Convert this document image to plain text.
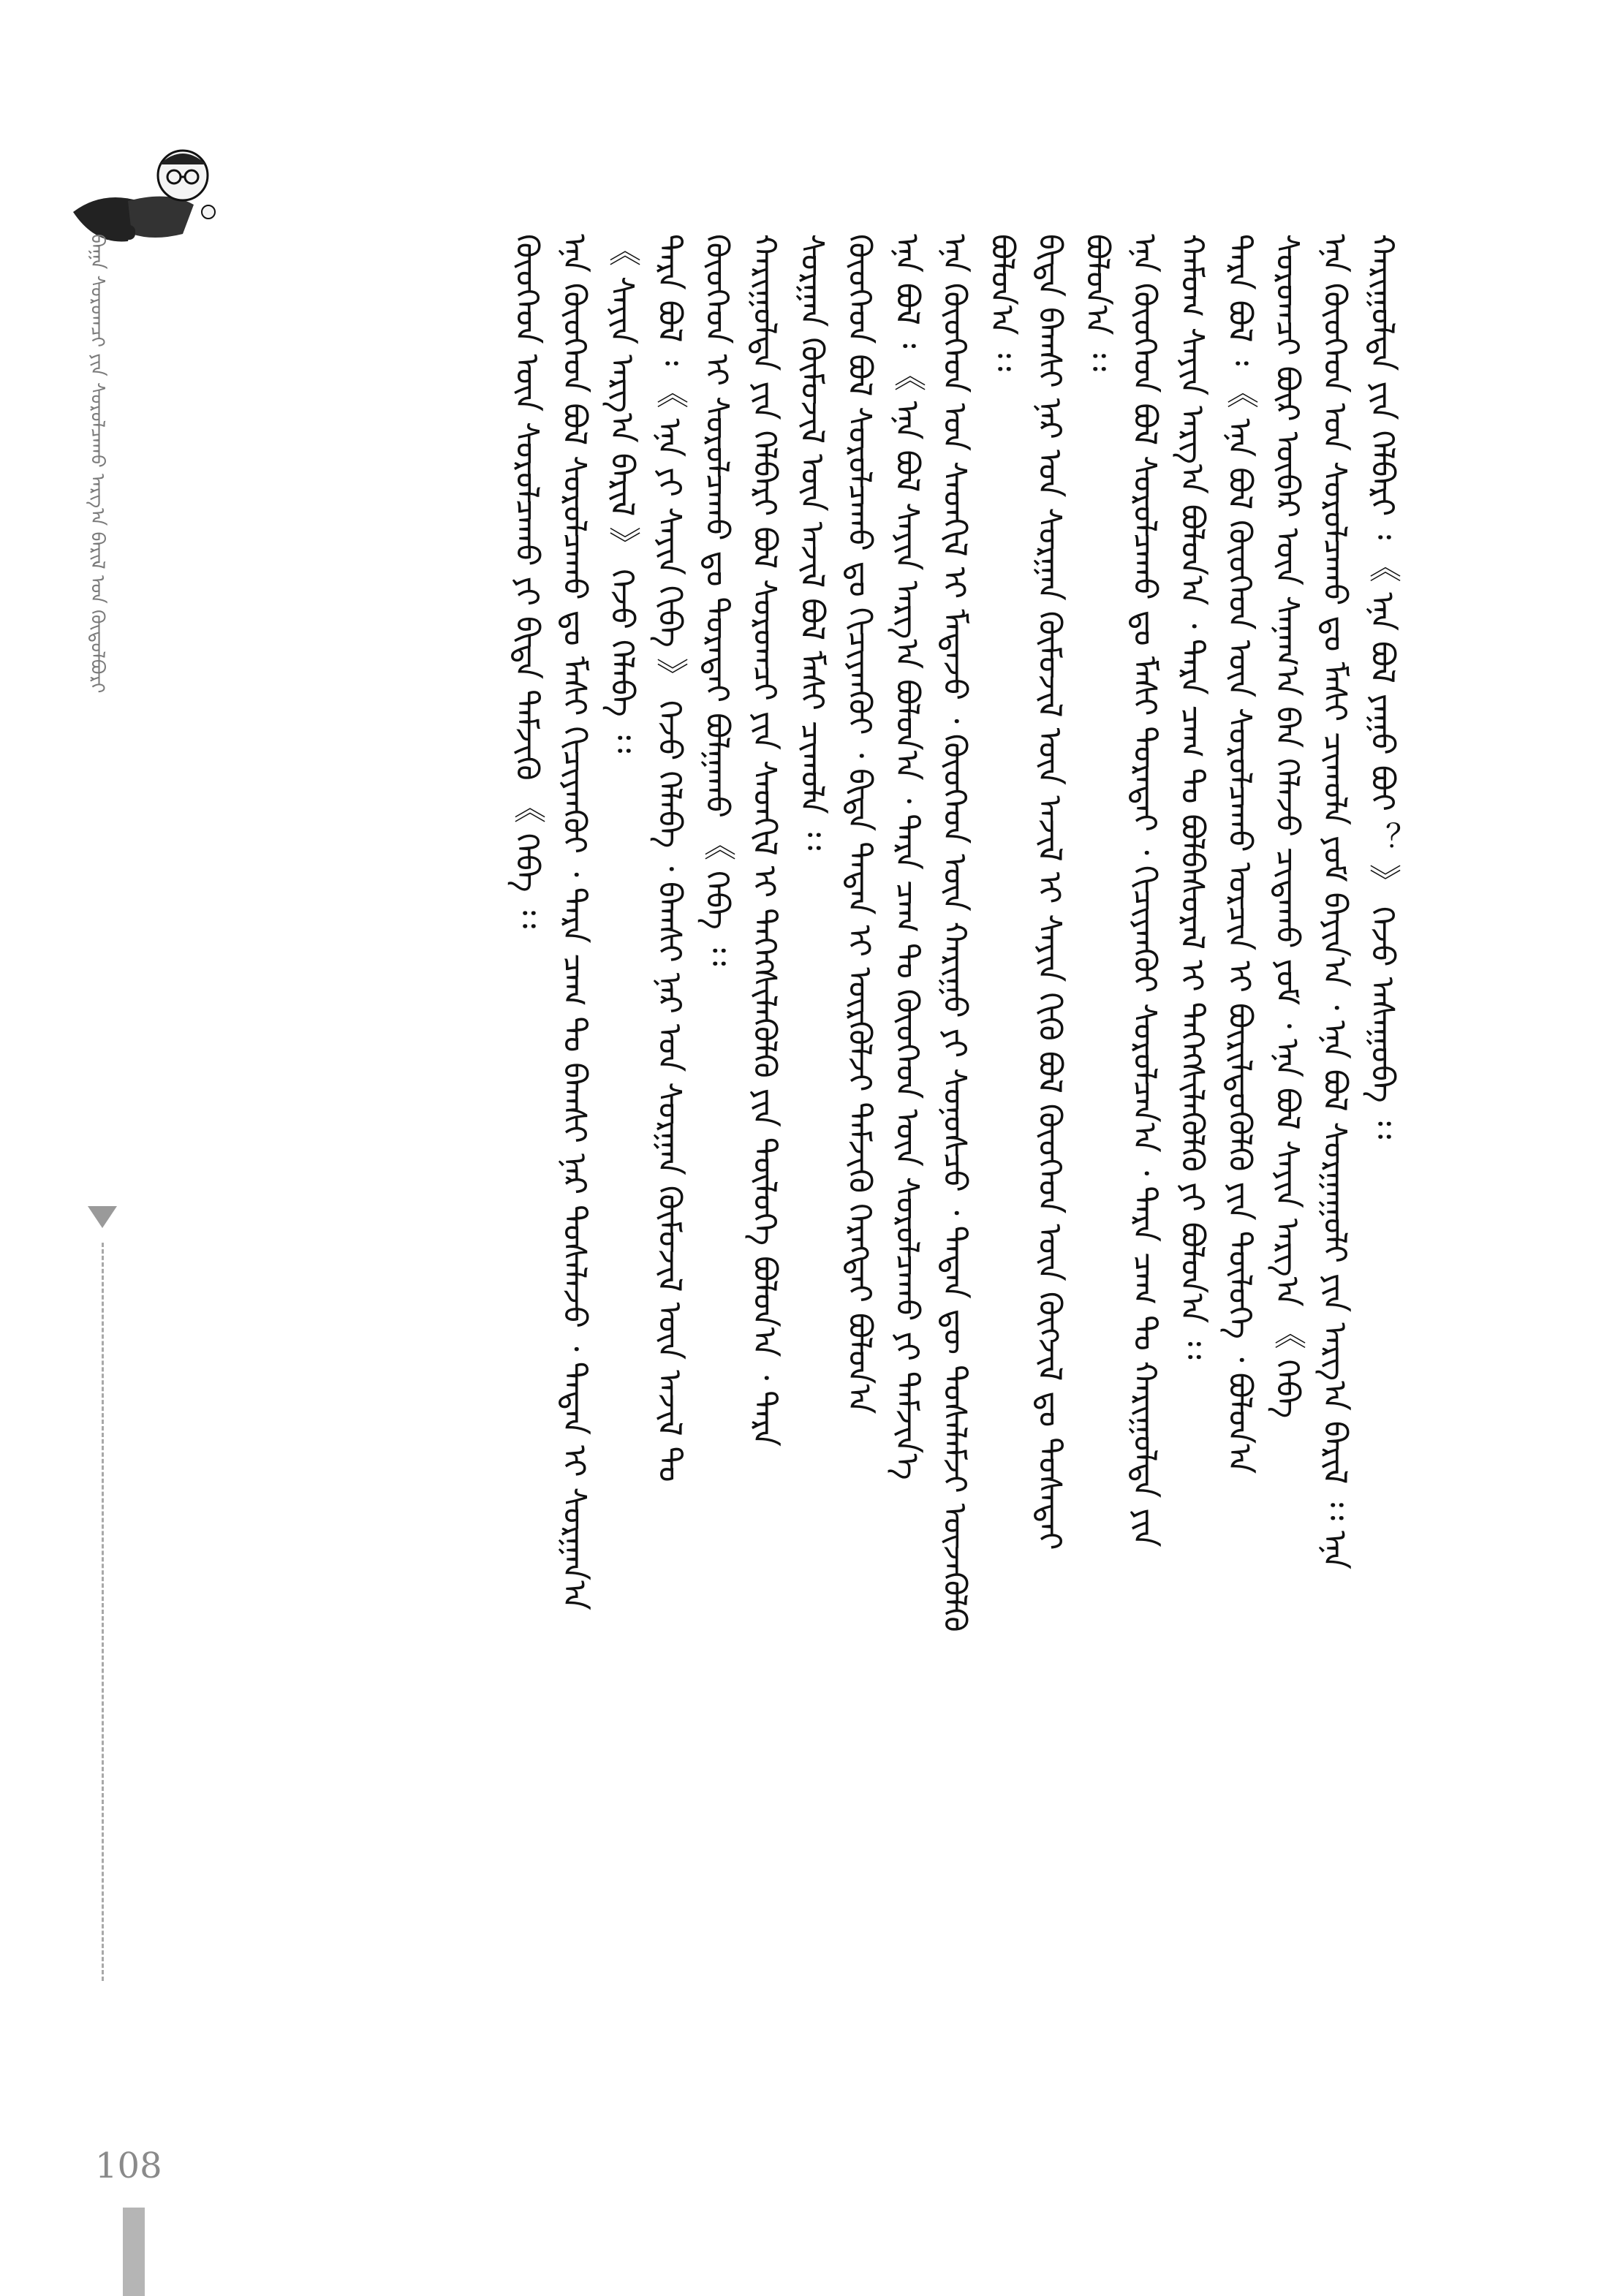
ᠪᠠᠭᠠ ᠰᠤᠷᠤᠭᠴᠢ ᠶᠢᠨ ᠰᠤᠷᠤᠯᠴᠠᠬᠤ ᠠᠷᠭ᠎ᠠ ᠪᠠᠷᠢᠯ ᠤᠨ ᠬᠥᠲᠦᠯᠪᠦᠷᠢ	ᠬᠠᠷᠢᠭᠤᠯᠲᠠ ᠶᠢᠨ ᠬᠡᠯᠪᠡᠷᠢ ᠄ 《 ᠡᠨᠡ ᠪᠣᠯ ᠶᠠᠭᠤ ᠪᠤᠢ ︖ 》 ᠭᠡᠵᠦ ᠠᠰᠠᠭᠤᠪᠠ ᠄᠄
ᠡᠨᠡ ᠬᠦᠦᠬᠡᠳ ᠤᠨ ᠰᠤᠷᠤᠯᠴᠠᠬᠤ ᠳᠤ ᠮᠠᠰᠢ ᠴᠢᠬᠤᠯᠠ ᠶᠤᠮ ᠪᠠᠶᠢᠨ᠎ᠠ ᠂ ᠡᠨᠡ ᠪᠣᠯ ᠰᠤᠷᠭᠠᠭᠤᠯᠢ ᠶᠢᠨ ᠠᠷᠭ᠎ᠠ ᠪᠠᠷᠢᠯ ᠄᠄ ᠡᠨᠡ
ᠰᠤᠷᠤᠭᠴᠢ ᠪᠦᠷ ᠦᠪᠡᠷ ᠦᠨ ᠰᠠᠨᠠᠭ᠎ᠠ ᠪᠡᠨ ᠬᠡᠯᠡᠵᠦ ᠴᠢᠳᠠᠬᠤ ᠶᠤᠮ ᠂ ᠡᠨᠡ ᠪᠣᠯ ᠰᠠᠶᠢᠨ ᠠᠷᠭ᠎ᠠ 《 ᠭᠡᠪᠡ
ᠲᠡᠷᠡ ᠪᠣᠯ ᠄ 《 ᠡᠨᠡ ᠪᠣᠯ ᠬᠦᠦᠬᠡᠳ ᠦᠨ ᠰᠤᠷᠤᠯᠴᠠᠬᠤ ᠤᠷᠴᠢᠨ ᠢ ᠪᠦᠷᠢᠯᠳᠦᠭᠦᠯᠬᠦ ᠶᠢᠨ ᠲᠥᠯᠦᠭᠡ ᠂ ᠪᠣᠯᠤᠨ᠎ᠠ
ᠬᠠᠮᠤᠭ ᠰᠠᠶᠢᠨ ᠠᠷᠭ᠎ᠠ ᠪᠣᠯᠤᠨ᠎ᠠ ᠂ ᠲᠡᠷᠡ ᠴᠠᠭ ᠲᠤ ᠪᠣᠯᠪᠠᠰᠤᠷᠠᠯ ᠢ ᠳᠡᠭᠡᠭᠰᠢᠯᠡᠭᠦᠯᠬᠦ ᠶᠢ ᠪᠣᠯᠤᠨ᠎ᠠ ᠄᠄
ᠡᠨᠡ ᠬᠦᠦᠬᠡᠳ ᠪᠣᠯ ᠰᠤᠷᠤᠯᠴᠠᠬᠤ ᠳᠤ ᠮᠠᠰᠢ ᠳᠤᠷᠠᠲᠠᠶ ᠂ ᠬᠢᠴᠢᠶᠡᠨᠭᠦᠶ ᠰᠤᠷᠤᠯᠴᠠᠨ᠎ᠠ ᠂ ᠲᠡᠷᠡ ᠴᠠᠭ ᠲᠤ ᠬᠠᠷᠢᠭᠤᠯᠲᠠ ᠶᠢᠨ
ᠪᠣᠯᠤᠨ᠎ᠠ ᠄᠄
ᠪᠢᠳᠡ ᠪᠠᠭᠰᠢ ᠨᠠᠷ ᠤᠨ ᠰᠤᠷᠭᠠᠨ ᠬᠥᠮᠦᠵᠢᠯ ᠦᠨ ᠠᠵᠢᠯ ᠢ ᠰᠠᠶᠢᠨ ᠬᠢᠬᠦ ᠪᠣᠯ ᠬᠦᠦᠬᠡᠳ ᠦᠨ ᠬᠥᠭᠵᠢᠯ ᠳᠤ ᠲᠤᠰᠠᠲᠠᠶ
ᠪᠣᠯᠤᠨ᠎ᠠ ᠄᠄
ᠡᠨᠡ ᠬᠦᠦᠬᠡᠳ ᠤᠨ ᠰᠡᠳᠬᠢᠯ ᠢ ᠮᠡᠳᠡᠵᠦ ᠂ ᠬᠦᠦᠬᠡᠳ ᠦᠨ ᠬᠠᠷᠢᠭᠤ ᠶᠢ ᠰᠣᠨᠣᠰᠴᠤ ᠂ ᠲᠡᠳᠡᠨ ᠳᠦ ᠲᠤᠰᠠᠯᠠᠮᠵᠢ ᠦᠵᠡᠭᠦᠯᠬᠦ
ᠡᠨᠡ ᠪᠣᠯ ᠄ 《 ᠡᠨᠡ ᠪᠣᠯ ᠰᠠᠶᠢᠨ ᠠᠷᠭ᠎ᠠ ᠪᠣᠯᠤᠨ᠎ᠠ ᠂ ᠲᠡᠷᠡ ᠴᠠᠭ ᠲᠤ ᠬᠦᠦᠬᠡᠳ ᠦᠨ ᠰᠤᠷᠤᠯᠴᠠᠬᠤ ᠶᠢ ᠳᠡᠮᠵᠢᠨ᠎ᠡ
ᠬᠦᠦᠬᠡᠳ ᠪᠣᠯ ᠰᠤᠷᠤᠯᠴᠠᠬᠤ ᠳᠤ ᠬᠢᠴᠢᠶᠡᠨᠭᠦᠶ ᠂ ᠪᠢᠳᠡ ᠲᠡᠳᠡᠨ ᠢ ᠦᠷᠭᠦᠯᠵᠢ ᠳᠡᠮᠵᠢᠬᠦ ᠬᠡᠷᠡᠭᠲᠡᠶ ᠪᠣᠯᠤᠨ᠎ᠠ
ᠰᠤᠷᠭᠠᠨ ᠬᠥᠮᠦᠵᠢᠯ ᠦᠨ ᠠᠵᠢᠯ ᠪᠣᠯ ᠮᠠᠰᠢ ᠴᠢᠬᠤᠯᠠ ᠄᠄
ᠬᠠᠷᠢᠭᠤᠯᠲᠠ ᠶᠢᠨ ᠬᠡᠯᠪᠡᠷᠢ ᠪᠣᠯ ᠰᠤᠷᠤᠭᠴᠢ ᠶᠢᠨ ᠰᠡᠳᠬᠢᠯ ᠢ ᠳᠡᠭᠡᠭᠰᠢᠯᠡᠭᠦᠯᠬᠦ ᠶᠢᠨ ᠲᠥᠯᠦᠭᠡ ᠪᠣᠯᠤᠨ᠎ᠠ ᠂ ᠲᠡᠷᠡ
ᠬᠦᠦᠬᠡᠳ ᠢ ᠰᠤᠷᠤᠯᠴᠠᠬᠤ ᠳᠤ ᠳᠤᠷᠠᠲᠠᠶ ᠪᠣᠯᠭᠠᠬᠤ 《 ᠭᠡᠪᠡ ᠄᠄
ᠲᠡᠷᠡ ᠪᠣᠯ ᠄ 《 ᠡᠨᠡ ᠶᠢ ᠰᠠᠶᠢᠨ ᠬᠢᠪᠡ 》 ᠭᠡᠵᠦ ᠬᠡᠯᠡᠪᠡ ᠂ ᠪᠠᠭᠰᠢ ᠨᠠᠷ ᠤᠨ ᠰᠤᠷᠭᠠᠨ ᠬᠥᠮᠦᠵᠢᠯ ᠦᠨ ᠠᠵᠢᠯ ᠲᠤ
《 ᠰᠠᠶᠢᠨ ᠠᠷᠭ᠎ᠠ ᠪᠠᠷᠢᠯ 》 ᠭᠡᠵᠦ ᠬᠡᠯᠡᠪᠡ ᠄᠄
ᠡᠨᠡ ᠬᠦᠦᠬᠡᠳ ᠪᠣᠯ ᠰᠤᠷᠤᠯᠴᠠᠬᠤ ᠳᠤ ᠮᠠᠰᠢ ᠬᠢᠴᠢᠶᠡᠨᠭᠦᠶ ᠂ ᠲᠡᠷᠡ ᠴᠠᠭ ᠲᠤ ᠪᠠᠭᠰᠢ ᠨᠠᠷ ᠲᠤᠰᠠᠯᠠᠵᠤ ᠂ ᠲᠡᠳᠡᠨ ᠢ ᠰᠤᠷᠭᠠᠨ᠎ᠠ
ᠬᠦᠦᠬᠡᠳ ᠦᠨ ᠰᠤᠷᠤᠯᠴᠠᠬᠤ ᠶᠢ ᠪᠢᠳᠡ ᠳᠡᠮᠵᠢᠬᠦ 《 ᠭᠡᠪᠡ ᠄᠄
108
